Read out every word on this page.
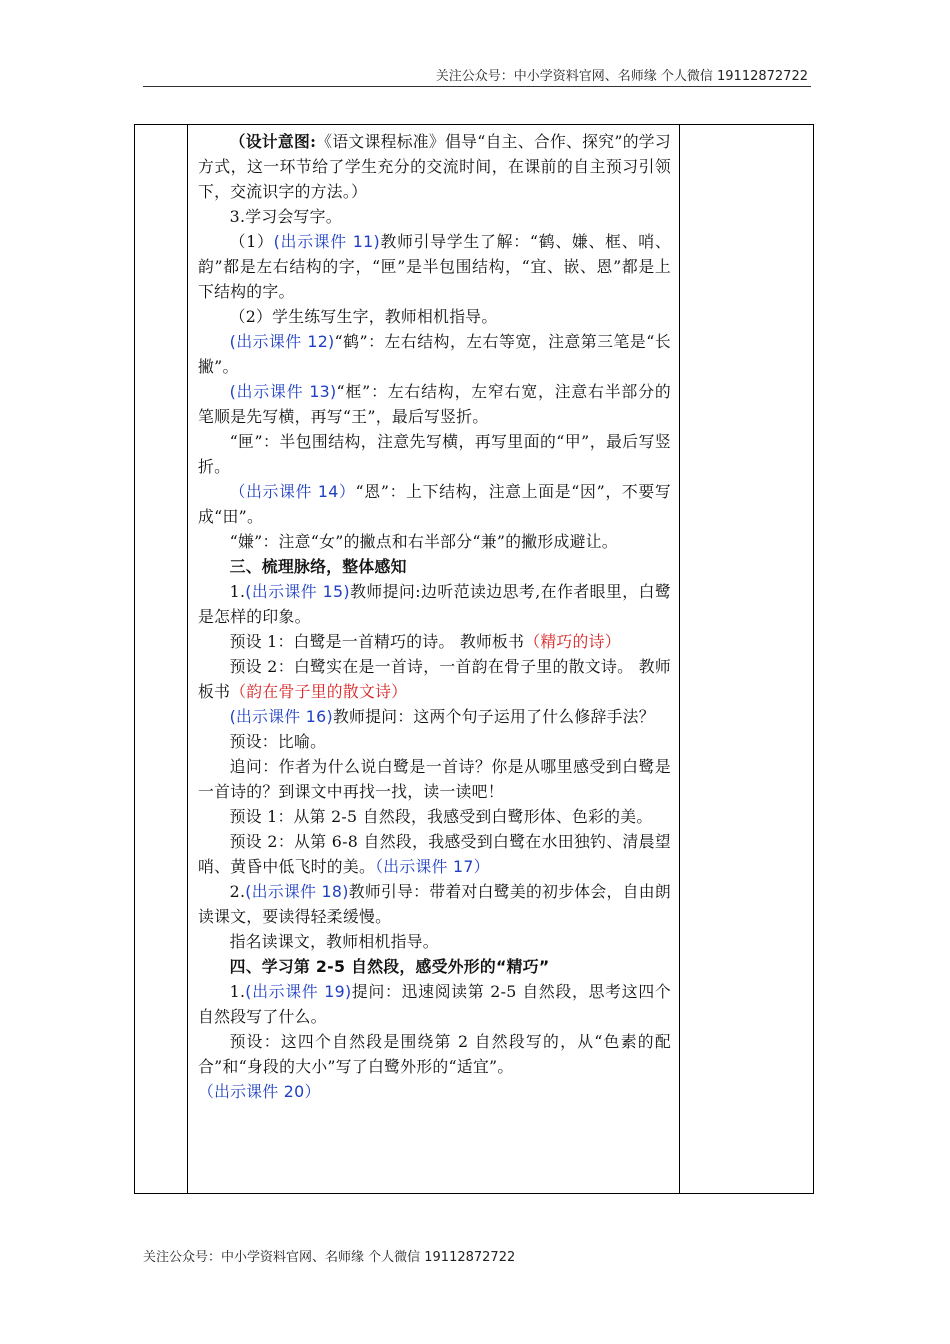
关注公众号：中小学资料官网、名师缘 个人微信 19112872722

（设计意图:《语文课程标准》倡导“自主、合作、探究”的学习方式，这一环节给了学生充分的交流时间，在课前的自主预习引领下，交流识字的方法。）

3.学习会写字。

（1）(出示课件 11)教师引导学生了解：“鹤、嫌、框、哨、韵”都是左右结构的字，“匣”是半包围结构，“宜、嵌、恩”都是上下结构的字。

（2）学生练写生字，教师相机指导。

(出示课件 12)“鹤”：左右结构，左右等宽，注意第三笔是“长撇”。

(出示课件 13)“框”：左右结构，左窄右宽，注意右半部分的笔顺是先写横，再写“王”，最后写竖折。

“匣”：半包围结构，注意先写横，再写里面的“甲”，最后写竖折。

（出示课件 14）“恩”：上下结构，注意上面是“因”，不要写成“田”。

“嫌”：注意“女”的撇点和右半部分“兼”的撇形成避让。

三、梳理脉络，整体感知

1.(出示课件 15)教师提问:边听范读边思考,在作者眼里，白鹭是怎样的印象。

预设 1：白鹭是一首精巧的诗。 教师板书（精巧的诗）

预设 2：白鹭实在是一首诗，一首韵在骨子里的散文诗。 教师板书（韵在骨子里的散文诗）

(出示课件 16)教师提问：这两个句子运用了什么修辞手法？

预设：比喻。

追问：作者为什么说白鹭是一首诗？你是从哪里感受到白鹭是一首诗的？到课文中再找一找，读一读吧！

预设 1：从第 2-5 自然段，我感受到白鹭形体、色彩的美。

预设 2：从第 6-8 自然段，我感受到白鹭在水田独钓、清晨望哨、黄昏中低飞时的美。（出示课件 17）

2.(出示课件 18)教师引导：带着对白鹭美的初步体会，自由朗读课文，要读得轻柔缓慢。

指名读课文，教师相机指导。

四、学习第 2-5 自然段，感受外形的“精巧”

1.(出示课件 19)提问：迅速阅读第 2-5 自然段，思考这四个自然段写了什么。

预设：这四个自然段是围绕第 2 自然段写的，从“色素的配合”和“身段的大小”写了白鹭外形的“适宜”。

（出示课件 20）

关注公众号：中小学资料官网、名师缘 个人微信 19112872722
